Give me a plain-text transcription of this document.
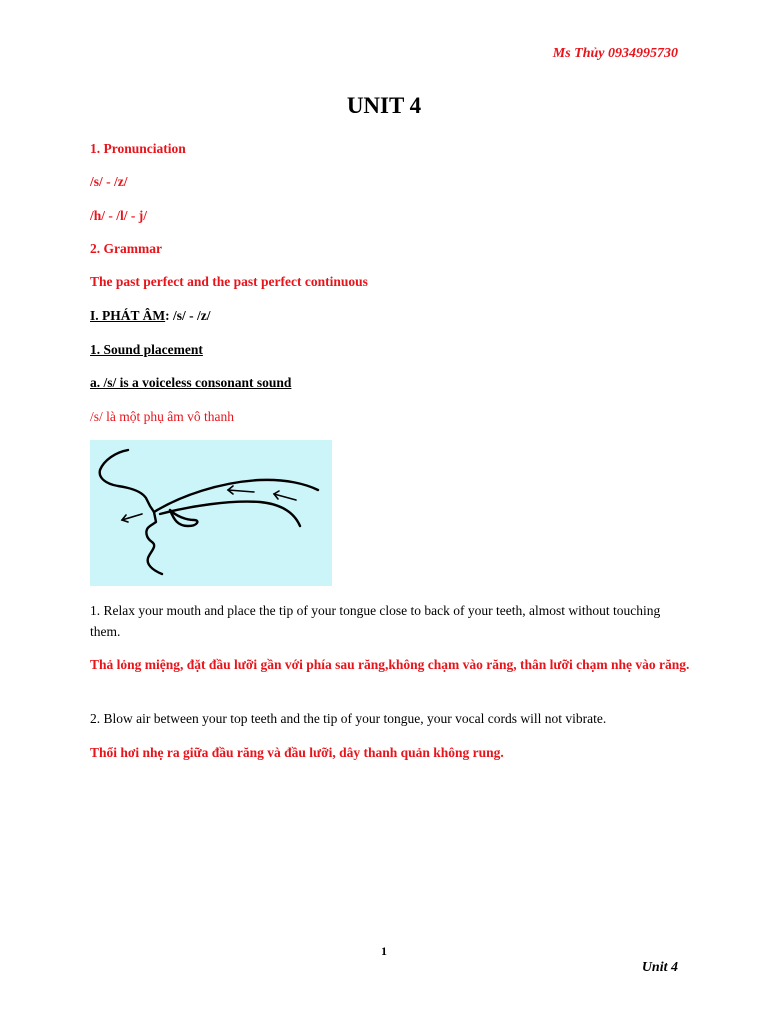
Ms Thủy 0934995730
UNIT 4
1. Pronunciation
/s/ - /z/
/h/ - /l/ - j/
2. Grammar
The past perfect and the past perfect continuous
I. PHÁT ÂM: /s/ - /z/
1. Sound placement
a. /s/ is a voiceless consonant sound
/s/ là một phụ âm vô thanh
1. Relax your mouth and place the tip of your tongue close to back of your teeth, almost without touching them.
Thả lỏng miệng, đặt đầu lưỡi gần với phía sau răng,không chạm vào răng, thân lưỡi chạm nhẹ vào răng.
2. Blow air between your top teeth and the tip of your tongue, your vocal cords will not vibrate.
Thổi hơi nhẹ ra giữa đầu răng và đầu lưỡi, dây thanh quản không rung.
1
Unit 4
